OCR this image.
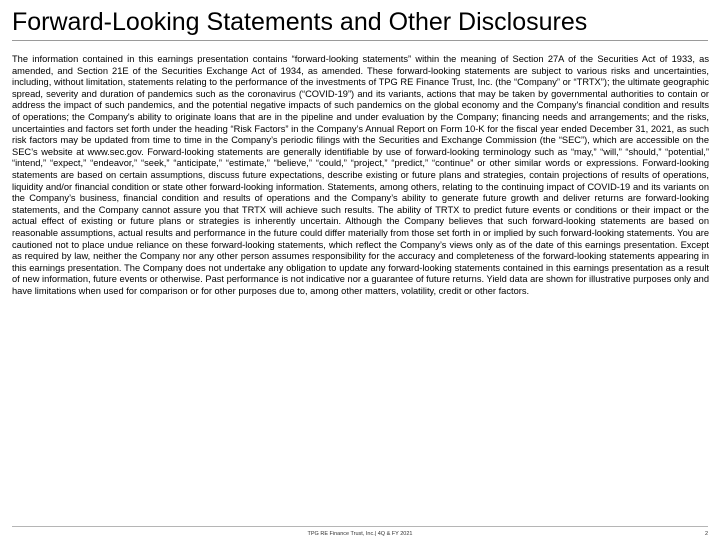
Forward-Looking Statements and Other Disclosures
The information contained in this earnings presentation contains “forward-looking statements” within the meaning of Section 27A of the Securities Act of 1933, as amended, and Section 21E of the Securities Exchange Act of 1934, as amended. These forward-looking statements are subject to various risks and uncertainties, including, without limitation, statements relating to the performance of the investments of TPG RE Finance Trust, Inc. (the “Company” or “TRTX”); the ultimate geographic spread, severity and duration of pandemics such as the coronavirus (“COVID-19”) and its variants, actions that may be taken by governmental authorities to contain or address the impact of such pandemics, and the potential negative impacts of such pandemics on the global economy and the Company's financial condition and results of operations; the Company's ability to originate loans that are in the pipeline and under evaluation by the Company; financing needs and arrangements; and the risks, uncertainties and factors set forth under the heading “Risk Factors” in the Company’s Annual Report on Form 10-K for the fiscal year ended December 31, 2021, as such risk factors may be updated from time to time in the Company’s periodic filings with the Securities and Exchange Commission (the “SEC”), which are accessible on the SEC’s website at www.sec.gov. Forward-looking statements are generally identifiable by use of forward-looking terminology such as “may,” “will,” “should,” “potential,” “intend,” “expect,” “endeavor,” “seek,” “anticipate,” “estimate,” “believe,” “could,” “project,” “predict,” “continue” or other similar words or expressions. Forward-looking statements are based on certain assumptions, discuss future expectations, describe existing or future plans and strategies, contain projections of results of operations, liquidity and/or financial condition or state other forward-looking information. Statements, among others, relating to the continuing impact of COVID-19 and its variants on the Company’s business, financial condition and results of operations and the Company’s ability to generate future growth and deliver returns are forward-looking statements, and the Company cannot assure you that TRTX will achieve such results. The ability of TRTX to predict future events or conditions or their impact or the actual effect of existing or future plans or strategies is inherently uncertain. Although the Company believes that such forward-looking statements are based on reasonable assumptions, actual results and performance in the future could differ materially from those set forth in or implied by such forward-looking statements. You are cautioned not to place undue reliance on these forward-looking statements, which reflect the Company’s views only as of the date of this earnings presentation. Except as required by law, neither the Company nor any other person assumes responsibility for the accuracy and completeness of the forward-looking statements appearing in this earnings presentation. The Company does not undertake any obligation to update any forward-looking statements contained in this earnings presentation as a result of new information, future events or otherwise. Past performance is not indicative nor a guarantee of future returns. Yield data are shown for illustrative purposes only and have limitations when used for comparison or for other purposes due to, among other matters, volatility, credit or other factors.
TPG RE Finance Trust, Inc.| 4Q & FY 2021	2
